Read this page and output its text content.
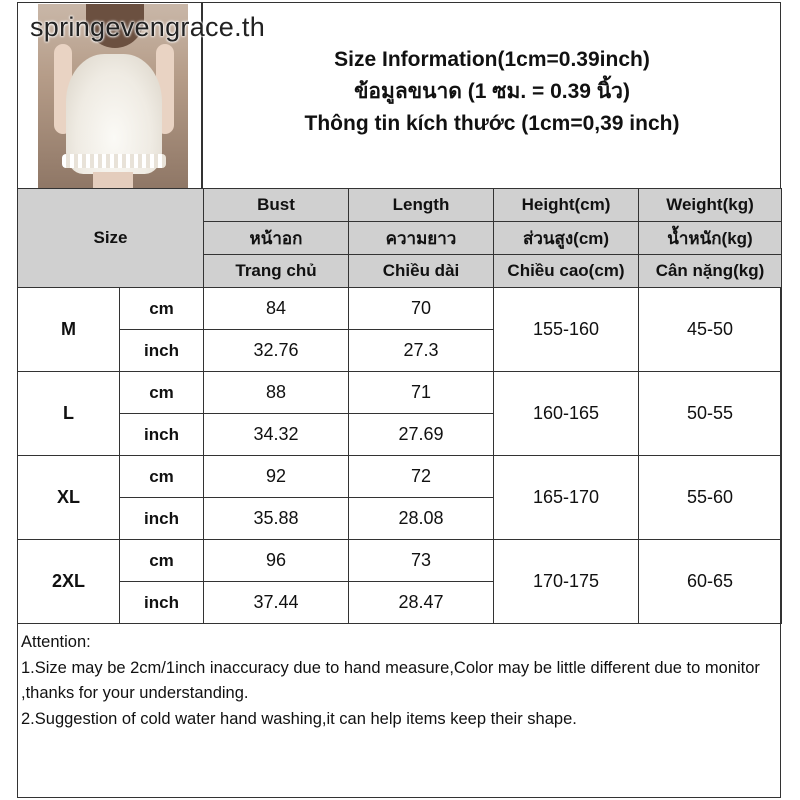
springevengrace.th
Size Information(1cm=0.39inch)
ข้อมูลขนาด (1 ซม. = 0.39 นิ้ว)
Thông tin kích thước (1cm=0,39 inch)
Size		Bust	Length	Height(cm)	Weight(kg)
		หน้าอก	ความยาว	ส่วนสูง(cm)	น้ำหนัก(kg)
		Trang chủ	Chiều dài	Chiều cao(cm)	Cân nặng(kg)
M	cm	84	70	155-160	45-50
	inch	32.76	27.3		
L	cm	88	71	160-165	50-55
	inch	34.32	27.69		
XL	cm	92	72	165-170	55-60
	inch	35.88	28.08		
2XL	cm	96	73	170-175	60-65
	inch	37.44	28.47		
Attention:
1.Size may be 2cm/1inch inaccuracy due to hand measure,Color may be little different due to monitor ,thanks for your understanding.
2.Suggestion of cold water hand washing,it can help items keep their shape.
